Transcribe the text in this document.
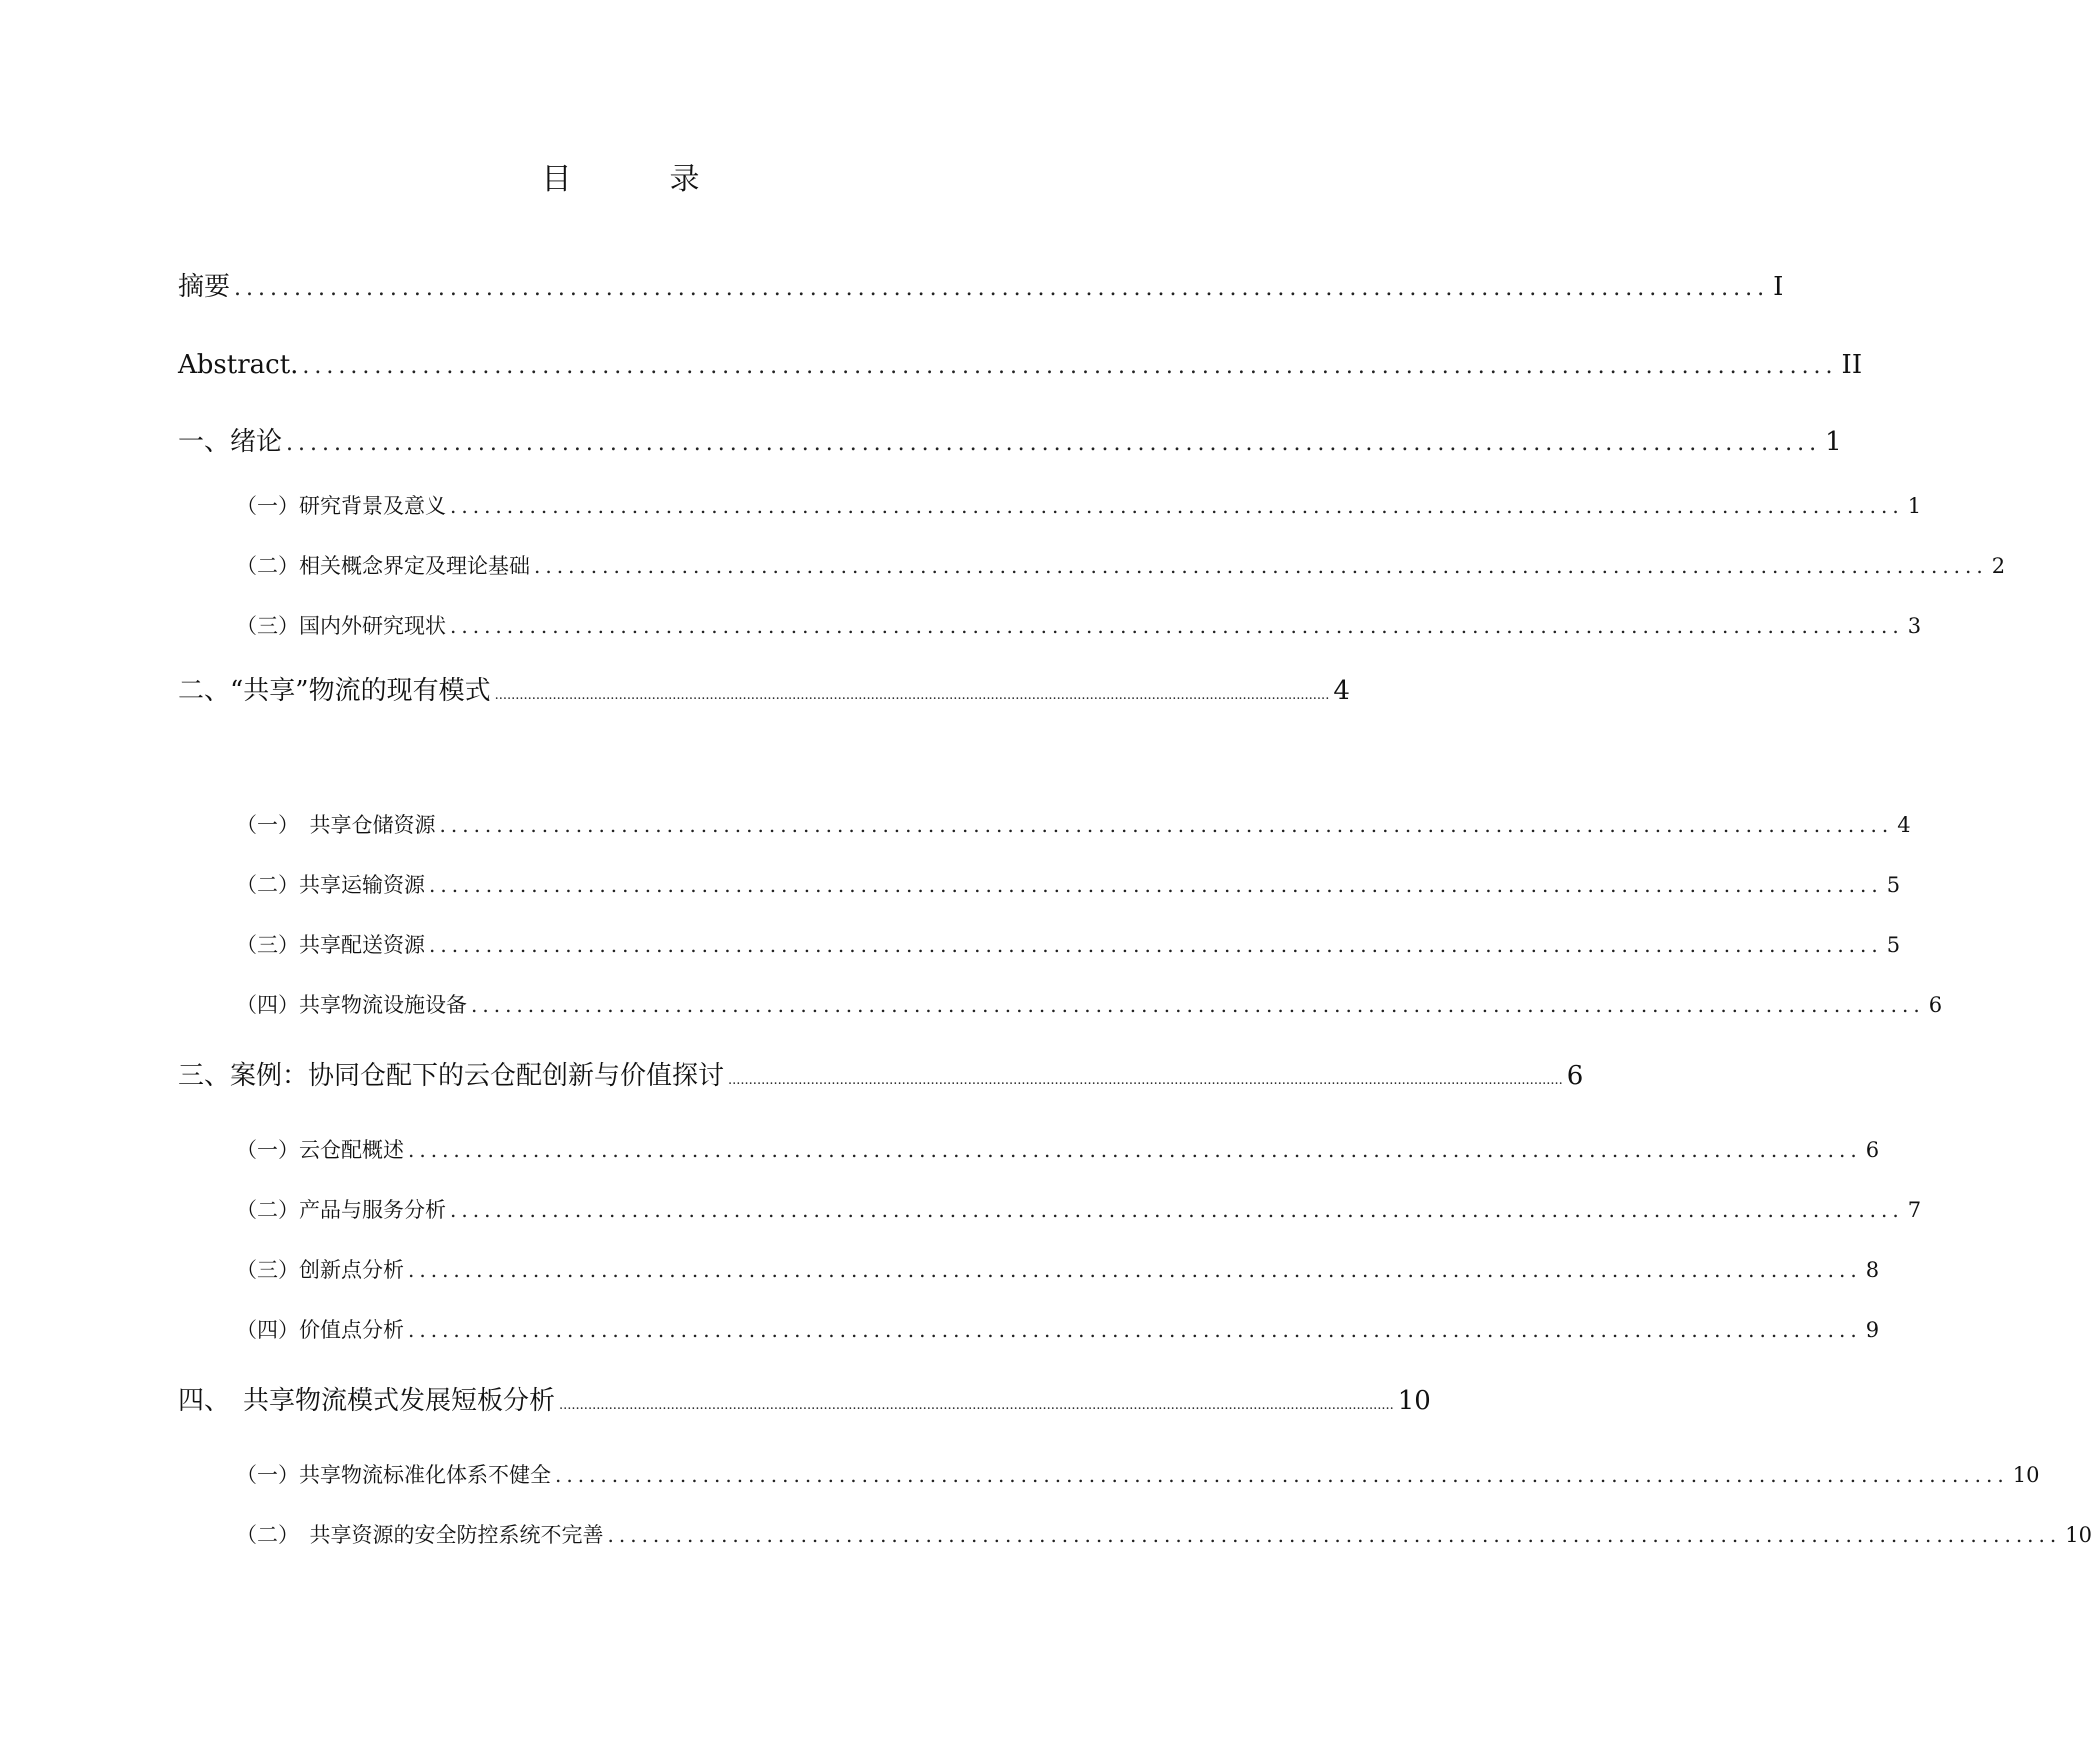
目　录
摘要 ................................................................................................................................ I
Abstract. ................................................................................................................................ II
一、绪论 ................................................................................................................................ 1
（一）研究背景及意义 ................................................................................................................................ 1
（二）相关概念界定及理论基础 ................................................................................................................................ 2
（三）国内外研究现状 ................................................................................................................................ 3
二、“共享”物流的现有模式 .......................................................................................................................................................................................................... 4
（一）　共享仓储资源 ................................................................................................................................ 4
（二）共享运输资源 ................................................................................................................................ 5
（三）共享配送资源 ................................................................................................................................ 5
（四）共享物流设施设备 ................................................................................................................................ 6
三、案例：协同仓配下的云仓配创新与价值探讨 .......................................................................................................................................................................................................... 6
（一）云仓配概述 ................................................................................................................................ 6
（二）产品与服务分析 ................................................................................................................................ 7
（三）创新点分析 ................................................................................................................................ 8
（四）价值点分析 ................................................................................................................................ 9
四、　共享物流模式发展短板分析 .......................................................................................................................................................................................................... 10
（一）共享物流标准化体系不健全 ................................................................................................................................ 10
（二）　共享资源的安全防控系统不完善 ................................................................................................................................ 10
